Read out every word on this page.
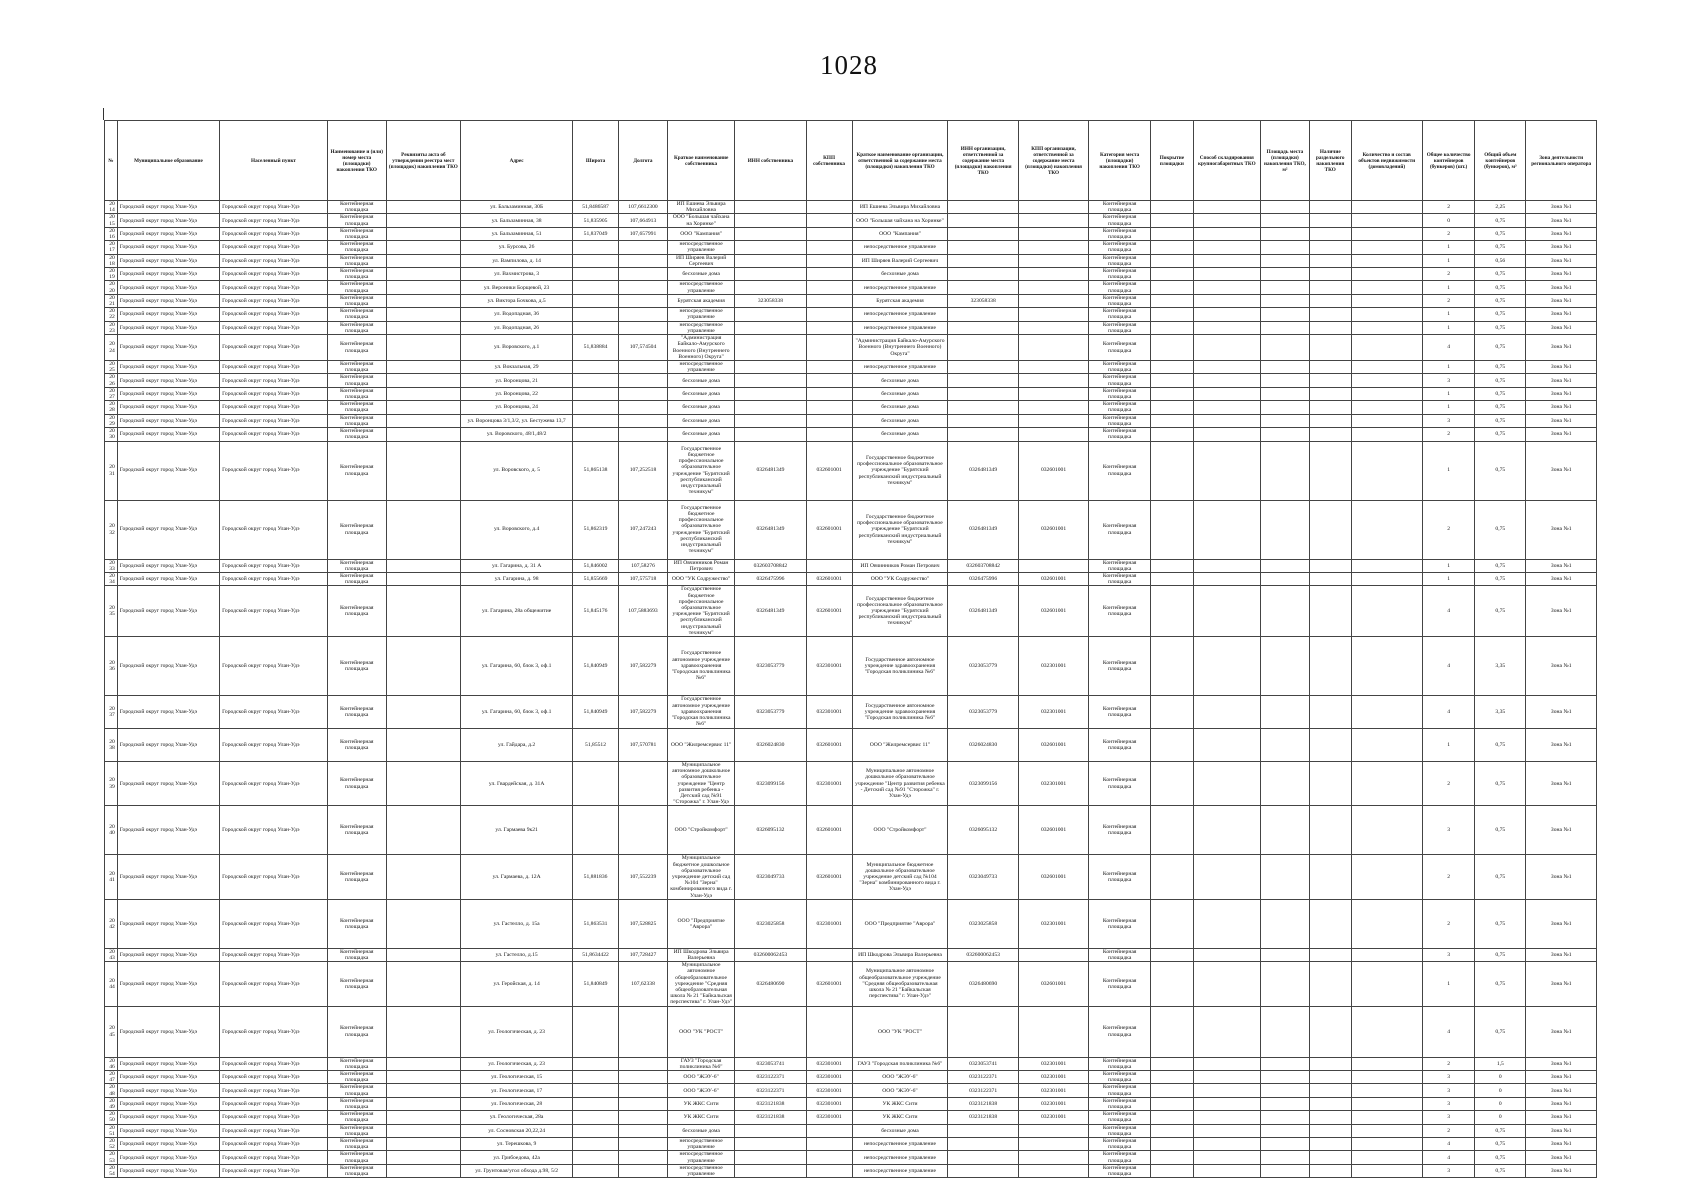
1028
№	Муниципальное образование	Населенный пункт	Наименование и (или) номер места (площадки) накопления ТКО	Реквизиты акта об утверждении реестра мест (площадок) накопления ТКО	Адрес	Широта	Долгота	Краткое наименование собственника	ИНН собственника	КПП собственника	Краткое наименование организации, ответственной за содержание места (площадки) накопления ТКО	ИНН организации, ответственной за содержание места (площадки) накопления ТКО	КПП организации, ответственной за содержание места (площадки) накопления ТКО	Категория места (площадки) накопления ТКО	Покрытие площадки	Способ складирования крупногабаритных ТКО	Площадь места (площадки) накопления ТКО, м²	Наличие раздельного накопления ТКО	Количество и состав объектов недвижимости (домовладений)	Общее количество контейнеров (бункеров) (шт.)	Общий объем контейнеров (бункеров), м³	Зона деятельности регионального оператора
2014	Городской округ город Улан-Удэ	Городской округ город Улан-Удэ	Контейнерная площадка		ул. Бальзаминная, 30Б	51,8486587	107,6612300	ИП Ешиева Эльвира Михайловна			ИП Ешиева Эльвира Михайловна			Контейнерная площадка						2	2,25	Зона №1
2015	Городской округ город Улан-Удэ	Городской округ город Улан-Удэ	Контейнерная площадка		ул. Бальзаминная, 38	51,835905	107,664913	ООО "Большая чайхана на Хоринке"			ООО "Большая чайхана на Хоринке"			Контейнерная площадка						0	0,75	Зона №1
2016	Городской округ город Улан-Удэ	Городской округ город Улан-Удэ	Контейнерная площадка		ул. Бальзаминная, 51	51,837049	107,657991	ООО "Кампания"			ООО "Кампания"			Контейнерная площадка						2	0,75	Зона №1
2017	Городской округ город Улан-Удэ	Городской округ город Улан-Удэ	Контейнерная площадка		ул. Бурсова, 26			непосредственное управление			непосредственное управление			Контейнерная площадка						1	0,75	Зона №1
2018	Городской округ город Улан-Удэ	Городской округ город Улан-Удэ	Контейнерная площадка		ул. Вампилова, д. 14			ИП Ширяев Валерий Сергеевич			ИП Ширяев Валерий Сергеевич			Контейнерная площадка						1	0,56	Зона №1
2019	Городской округ город Улан-Удэ	Городской округ город Улан-Удэ	Контейнерная площадка		ул. Вахмистрова, 3			бесхозные дома			бесхозные дома			Контейнерная площадка						2	0,75	Зона №1
2020	Городской округ город Улан-Удэ	Городской округ город Улан-Удэ	Контейнерная площадка		ул. Вероники Борщевой, 23			непосредственное управление			непосредственное управление			Контейнерная площадка						1	0,75	Зона №1
2021	Городской округ город Улан-Удэ	Городской округ город Улан-Удэ	Контейнерная площадка		ул. Виктора Бочкова, д.5			Бурятская академия	323058338		Бурятская академия	323058338		Контейнерная площадка						2	0,75	Зона №1
2022	Городской округ город Улан-Удэ	Городской округ город Улан-Удэ	Контейнерная площадка		ул. Водопадная, 36			непосредственное управление			непосредственное управление			Контейнерная площадка						1	0,75	Зона №1
2023	Городской округ город Улан-Удэ	Городской округ город Улан-Удэ	Контейнерная площадка		ул. Водопадная, 26			непосредственное управление			непосредственное управление			Контейнерная площадка						1	0,75	Зона №1
2024	Городской округ город Улан-Удэ	Городской округ город Улан-Удэ	Контейнерная площадка		ул. Воровского, д.1	51,838884	107,574504	"Администрация Байкало-Амурского Военного (Внутреннего Военного) Округа"			"Администрация Байкало-Амурского Военного (Внутреннего Военного) Округа"			Контейнерная площадка						4	0,75	Зона №1
2025	Городской округ город Улан-Удэ	Городской округ город Улан-Удэ	Контейнерная площадка		ул. Вокзальная, 29			непосредственное управление			непосредственное управление			Контейнерная площадка						1	0,75	Зона №1
2026	Городской округ город Улан-Удэ	Городской округ город Улан-Удэ	Контейнерная площадка		ул. Воронцова, 21			бесхозные дома			бесхозные дома			Контейнерная площадка						3	0,75	Зона №1
2027	Городской округ город Улан-Удэ	Городской округ город Улан-Удэ	Контейнерная площадка		ул. Воронцова, 22			бесхозные дома			бесхозные дома			Контейнерная площадка						1	0,75	Зона №1
2028	Городской округ город Улан-Удэ	Городской округ город Улан-Удэ	Контейнерная площадка		ул. Воронцова, 24			бесхозные дома			бесхозные дома			Контейнерная площадка						1	0,75	Зона №1
2029	Городской округ город Улан-Удэ	Городской округ город Улан-Удэ	Контейнерная площадка		ул. Воронцова 3/1,3/2, ул. Бестужева 13,7			бесхозные дома			бесхозные дома			Контейнерная площадка						3	0,75	Зона №1
2030	Городской округ город Улан-Удэ	Городской округ город Улан-Удэ	Контейнерная площадка		ул. Воровского, 48/1,48/2			бесхозные дома			бесхозные дома			Контейнерная площадка						2	0,75	Зона №1
2031	Городской округ город Улан-Удэ	Городской округ город Улан-Удэ	Контейнерная площадка		ул. Воровского, д. 5	51,865138	107,252518	Государственное бюджетное профессиональное образовательное учреждение "Бурятский республиканский индустриальный техникум"	0326481349	032601001	Государственное бюджетное профессиональное образовательное учреждение "Бурятский республиканский индустриальный техникум"	0326481349	032601001	Контейнерная площадка						1	0,75	Зона №1
2032	Городской округ город Улан-Удэ	Городской округ город Улан-Удэ	Контейнерная площадка		ул. Воровского, д.4	51,862319	107,247243	Государственное бюджетное профессиональное образовательное учреждение "Бурятский республиканский индустриальный техникум"	0326481349	032601001	Государственное бюджетное профессиональное образовательное учреждение "Бурятский республиканский индустриальный техникум"	0326481349	032601001	Контейнерная площадка						2	0,75	Зона №1
2033	Городской округ город Улан-Удэ	Городской округ город Улан-Удэ	Контейнерная площадка		ул. Гагарина, д. 31 А	51,846002	107,58276	ИП Овчинников Роман Петрович	032603708842		ИП Овчинников Роман Петрович	032603708842		Контейнерная площадка						1	0,75	Зона №1
2034	Городской округ город Улан-Удэ	Городской округ город Улан-Удэ	Контейнерная площадка		ул. Гагарина, д. 98	51,855669	107,575718	ООО "УК Содружество"	0326475996	032601001	ООО "УК Содружество"	0326475996	032601001	Контейнерная площадка						1	0,75	Зона №1
2035	Городской округ город Улан-Удэ	Городской округ город Улан-Удэ	Контейнерная площадка		ул. Гагарина, 28а общежитие	51,845176	107,5883693	Государственное бюджетное профессиональное образовательное учреждение "Бурятский республиканский индустриальный техникум"	0326481349	032601001	Государственное бюджетное профессиональное образовательное учреждение "Бурятский республиканский индустриальный техникум"	0326481349	032601001	Контейнерная площадка						4	0,75	Зона №1
2036	Городской округ город Улан-Удэ	Городской округ город Улан-Удэ	Контейнерная площадка		ул. Гагарина, 60, блок 3, оф.1	51,840949	107,582279	Государственное автономное учреждение здравоохранения "Городская поликлиника №6"	0323053779	032301001	Государственное автономное учреждение здравоохранения "Городская поликлиника №6"	0323053779	032301001	Контейнерная площадка						4	3,35	Зона №1
2037	Городской округ город Улан-Удэ	Городской округ город Улан-Удэ	Контейнерная площадка		ул. Гагарина, 60, блок 3, оф.1	51,840949	107,582279	Государственное автономное учреждение здравоохранения "Городская поликлиника №6"	0323053779	032301001	Государственное автономное учреждение здравоохранения "Городская поликлиника №6"	0323053779	032301001	Контейнерная площадка						4	3,35	Зона №1
2038	Городской округ город Улан-Удэ	Городской округ город Улан-Удэ	Контейнерная площадка		ул. Гайдара, д.2	51,85512	107,570781	ООО "Жилремсервис 11"	0326024830	032601001	ООО "Жилремсервис 11"	0326024830	032601001	Контейнерная площадка						1	0,75	Зона №1
2039	Городской округ город Улан-Удэ	Городской округ город Улан-Удэ	Контейнерная площадка		ул. Гвардейская, д. 31А			Муниципальное автономное дошкольное образовательное учреждение "Центр развития ребенка - Детский сад №91 "Сторожка" г. Улан-Удэ	0323099156	032301001	Муниципальное автономное дошкольное образовательное учреждение "Центр развития ребенка - Детский сад №91 "Сторожка" г. Улан-Удэ	0323099156	032301001	Контейнерная площадка						2	0,75	Зона №1
2040	Городской округ город Улан-Удэ	Городской округ город Улан-Удэ	Контейнерная площадка		ул. Гармаева 9к21			ООО "Стройкомфорт"	0326095132	032601001	ООО "Стройкомфорт"	0326095132	032601001	Контейнерная площадка						3	0,75	Зона №1
2041	Городской округ город Улан-Удэ	Городской округ город Улан-Удэ	Контейнерная площадка		ул. Гармаева, д. 12А	51,881836	107,552239	Муниципальное бюджетное дошкольное образовательное учреждение детский сад №104 "Зерна" комбинированного вида г. Улан-Удэ	0323049733	032601001	Муниципальное бюджетное дошкольное образовательное учреждение детский сад №104 "Зерна" комбинированного вида г. Улан-Удэ	0323049733	032601001	Контейнерная площадка						2	0,75	Зона №1
2042	Городской округ город Улан-Удэ	Городской округ город Улан-Удэ	Контейнерная площадка		ул. Гастелло, д. 15а	51,863531	107,528825	ООО "Предприятие "Аврора"	0323025858	032301001	ООО "Предприятие "Аврора"	0323025858	032301001	Контейнерная площадка						2	0,75	Зона №1
2043	Городской округ город Улан-Удэ	Городской округ город Улан-Удэ	Контейнерная площадка		ул. Гастелло, д.15	51,8634422	107,728427	ИП Шкодрова Эльвира Валерьевна	032600062453		ИП Шкодрова Эльвира Валерьевна	032600062453		Контейнерная площадка						3	0,75	Зона №1
2044	Городской округ город Улан-Удэ	Городской округ город Улан-Удэ	Контейнерная площадка		ул. Геройская, д. 14	51,840849	107,62338	Муниципальное автономное общеобразовательное учреждение "Средняя общеобразовательная школа № 21 "Байкальская перспектива" г. Улан-Удэ"	0326480690	032601001	Муниципальное автономное общеобразовательное учреждение "Средняя общеобразовательная школа № 21 "Байкальская перспектива" г. Улан-Удэ"	0326480690	032601001	Контейнерная площадка						1	0,75	Зона №1
2045	Городской округ город Улан-Удэ	Городской округ город Улан-Удэ	Контейнерная площадка		ул. Геологическая, д. 23			ООО "УК "РОСТ"			ООО "УК "РОСТ"			Контейнерная площадка						4	0,75	Зона №1
2046	Городской округ город Улан-Удэ	Городской округ город Улан-Удэ	Контейнерная площадка		ул. Геологическая, д. 23			ГАУЗ "Городская поликлиника №6"	0323053741	032301001	ГАУЗ "Городская поликлиника №6"	0323053741	032301001	Контейнерная площадка						2	1,5	Зона №1
2047	Городской округ город Улан-Удэ	Городской округ город Улан-Удэ	Контейнерная площадка		ул. Геологическая, 15			ООО "ЖЭУ-6"	0323122371	032301001	ООО "ЖЭУ-6"	0323122371	032301001	Контейнерная площадка						3	0	Зона №1
2048	Городской округ город Улан-Удэ	Городской округ город Улан-Удэ	Контейнерная площадка		ул. Геологическая, 17			ООО "ЖЭУ-6"	0323122371	032301001	ООО "ЖЭУ-6"	0323122371	032301001	Контейнерная площадка						3	0	Зона №1
2049	Городской округ город Улан-Удэ	Городской округ город Улан-Удэ	Контейнерная площадка		ул. Геологическая, 28			УК ЖКС Сити	0323121838	032301001	УК ЖКС Сити	0323121838	032301001	Контейнерная площадка						3	0	Зона №1
2050	Городской округ город Улан-Удэ	Городской округ город Улан-Удэ	Контейнерная площадка		ул. Геологическая, 28а			УК ЖКС Сити	0323121838	032301001	УК ЖКС Сити	0323121838	032301001	Контейнерная площадка						3	0	Зона №1
2051	Городской округ город Улан-Удэ	Городской округ город Улан-Удэ	Контейнерная площадка		ул. Сосновская 20,22,24			бесхозные дома			бесхозные дома			Контейнерная площадка						2	0,75	Зона №1
2052	Городской округ город Улан-Удэ	Городской округ город Улан-Удэ	Контейнерная площадка		ул. Терешкова, 9			непосредственное управление			непосредственное управление			Контейнерная площадка						4	0,75	Зона №1
2053	Городской округ город Улан-Удэ	Городской округ город Улан-Удэ	Контейнерная площадка		ул. Грибоедова, 42а			непосредственное управление			непосредственное управление			Контейнерная площадка						4	0,75	Зона №1
2054	Городской округ город Улан-Удэ	Городской округ город Улан-Удэ	Контейнерная площадка		ул. Грунтовая/угол обхода д.98, 5/2			непосредственное управление			непосредственное управление			Контейнерная площадка						3	0,75	Зона №1
